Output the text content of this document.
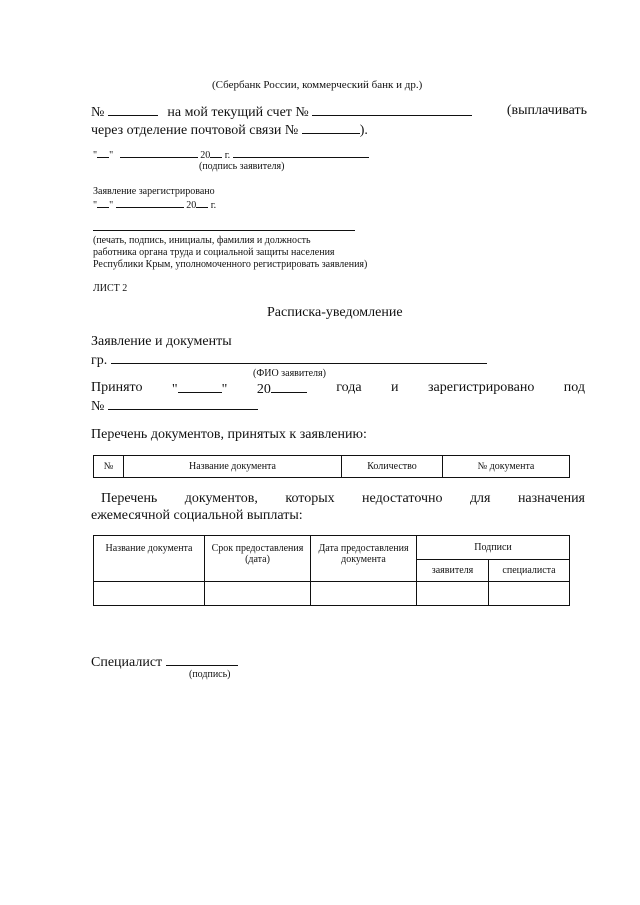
(Сбербанк России, коммерческий банк и др.)
№	на мой текущий счет №	(выплачивать
через отделение почтовой связи №	).
" "	20 г.
(подпись заявителя)
Заявление зарегистрировано
" "	20 г.
(печать, подпись, инициалы, фамилия и должность
работника органа труда и социальной защиты населения
Республики Крым, уполномоченного регистрировать заявления)
ЛИСТ 2
Расписка-уведомление
Заявление и документы
гр.
(ФИО заявителя)
Принято "	" 20	года и зарегистрировано под
№
Перечень документов, принятых к заявлению:
№	Название документа	Количество	№ документа
Перечень документов, которых недостаточно для назначения
ежемесячной социальной выплаты:
Название документа	Срок предоставления (дата)	Дата предоставления документа	Подписи	
			заявителя	специалиста

Специалист
(подпись)
